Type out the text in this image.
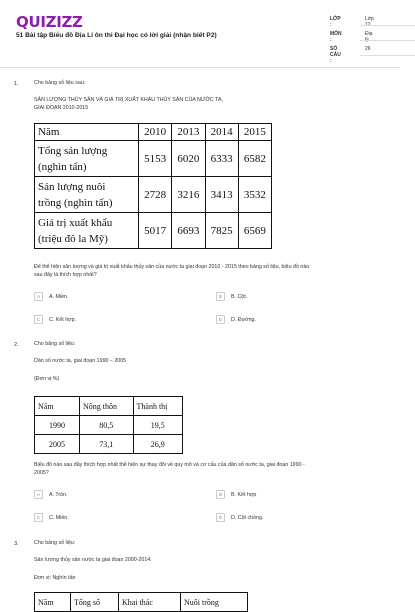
QUIZIZZ
51 Bài tập Biểu đồ Địa Lí ôn thi Đại học có lời giải (nhận biết P2)
LỚP :
Lớp
MÔN :
Địa
SỐ CÂU :
26
1.	Cho bảng số liệu sau:
SẢN LƯỢNG THỦY SẢN VÀ GIÁ TRỊ XUẤT KHẨU THỦY SẢN CỦA NƯỚC TA,
GIAI ĐOẠN 2010-2015
Năm	2010	2013	2014	2015

Tổng sản lượng
(nghìn tấn)	5153	6020	6333	6582

Sản lượng nuôi
trồng (nghìn tấn)	2728	3216	3413	3532

Giá trị xuất khẩu
(triệu đô la Mỹ)	5017	6693	7825	6569
Để thể hiện sản lượng và giá trị xuất khẩu thủy sản của nước ta giai đoạn 2010 - 2015 theo bảng số liệu, biểu đồ nào
sau đây là thích hợp nhất?
A	A. Miền.	B	B. Cột.
C	C. Kết hợp.	D	D. Đường.
2.	Cho bảng số liệu:
Dân số nước ta, giai đoạn 1990 – 2005
(Đơn vị:%)
Năm	Nông thôn	Thành thị
1990	80,5	19,5
2005	73,1	26,9
Biểu đồ nào sau đây thích hợp nhất thể hiện sự thay đổi về quy mô và cơ cấu của dân số nước ta, giai đoạn 1990 -
2005?
A	A. Tròn.	B	B. Kết hợp
C	C. Miền.	D	D. Cột chồng.
3.	Cho bảng số liệu:
Sản lượng thủy sản nước ta giai đoạn 2000-2014.
Đơn vị: Nghìn tấn
Năm	Tổng số	Khai thác	Nuôi trồng
